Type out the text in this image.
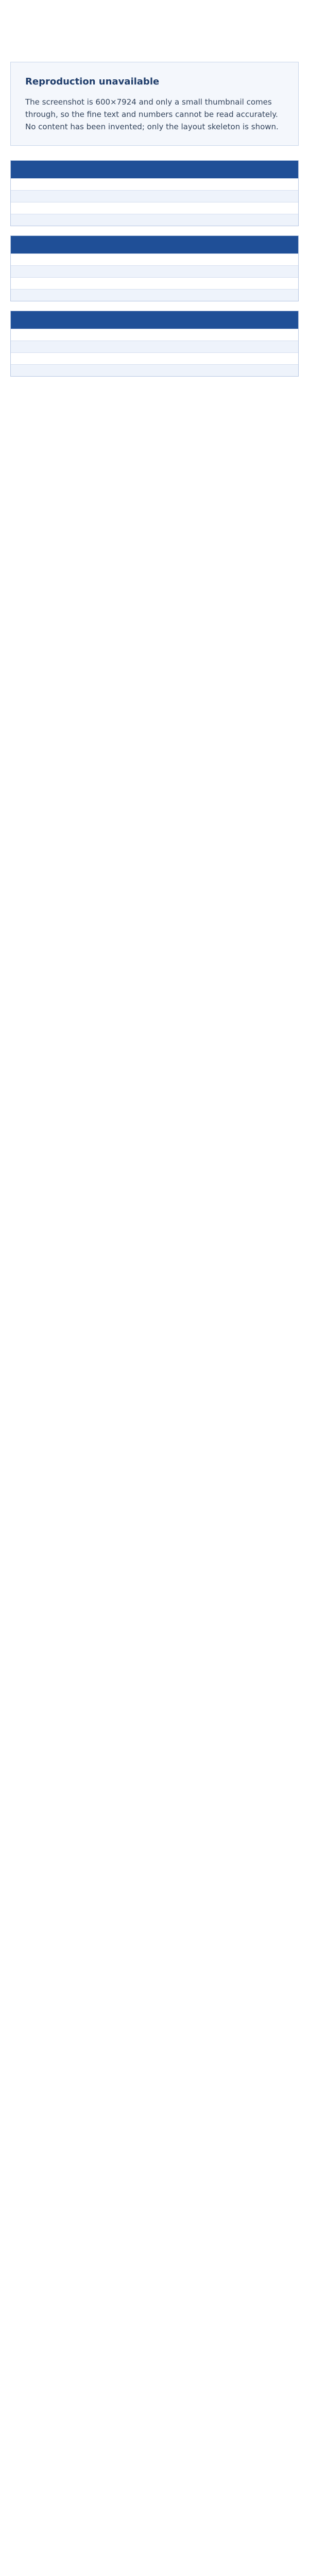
Reproduction unavailable
The screenshot is 600×7924 and only a small thumbnail comes through, so the fine text and numbers cannot be read accurately. No content has been invented; only the layout skeleton is shown.
